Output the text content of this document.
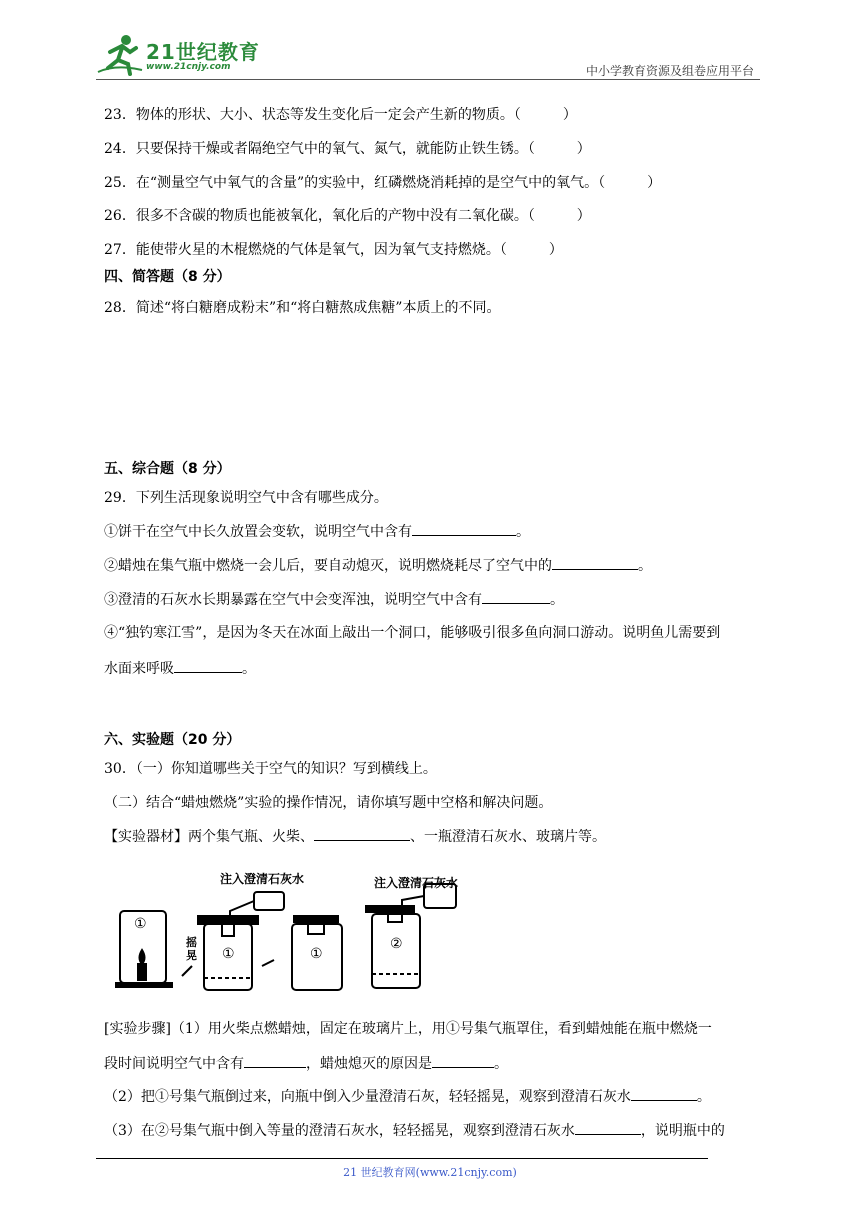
21世纪教育
www.21cnjy.com	中小学教育资源及组卷应用平台
23．物体的形状、大小、状态等发生变化后一定会产生新的物质。（　　　）
24．只要保持干燥或者隔绝空气中的氧气、氮气，就能防止铁生锈。（　　　）
25．在“测量空气中氧气的含量”的实验中，红磷燃烧消耗掉的是空气中的氧气。（　　　）
26．很多不含碳的物质也能被氧化，氧化后的产物中没有二氧化碳。（　　　）
27．能使带火星的木棍燃烧的气体是氧气，因为氧气支持燃烧。（　　　）
四、简答题（8 分）
28．简述“将白糖磨成粉末”和“将白糖熬成焦糖”本质上的不同。
五、综合题（8 分）
29．下列生活现象说明空气中含有哪些成分。
①饼干在空气中长久放置会变软，说明空气中含有	。
②蜡烛在集气瓶中燃烧一会儿后，要自动熄灭，说明燃烧耗尽了空气中的	。
③澄清的石灰水长期暴露在空气中会变浑浊，说明空气中含有	。
④“独钓寒江雪”，是因为冬天在冰面上敲出一个洞口，能够吸引很多鱼向洞口游动。说明鱼儿需要到
水面来呼吸	。
六、实验题（20 分）
30．（一）你知道哪些关于空气的知识？写到横线上。
（二）结合“蜡烛燃烧”实验的操作情况，请你填写题中空格和解决问题。
【实验器材】两个集气瓶、火柴、	、一瓶澄清石灰水、玻璃片等。
注入澄清石灰水	注入澄清石灰水
摇晃
①
①	①
②
[实验步骤]（1）用火柴点燃蜡烛，固定在玻璃片上，用①号集气瓶罩住，看到蜡烛能在瓶中燃烧一
段时间说明空气中含有	，蜡烛熄灭的原因是	。
（2）把①号集气瓶倒过来，向瓶中倒入少量澄清石灰，轻轻摇晃，观察到澄清石灰水	。
（3）在②号集气瓶中倒入等量的澄清石灰水，轻轻摇晃，观察到澄清石灰水	，说明瓶中的
21 世纪教育网(www.21cnjy.com)
